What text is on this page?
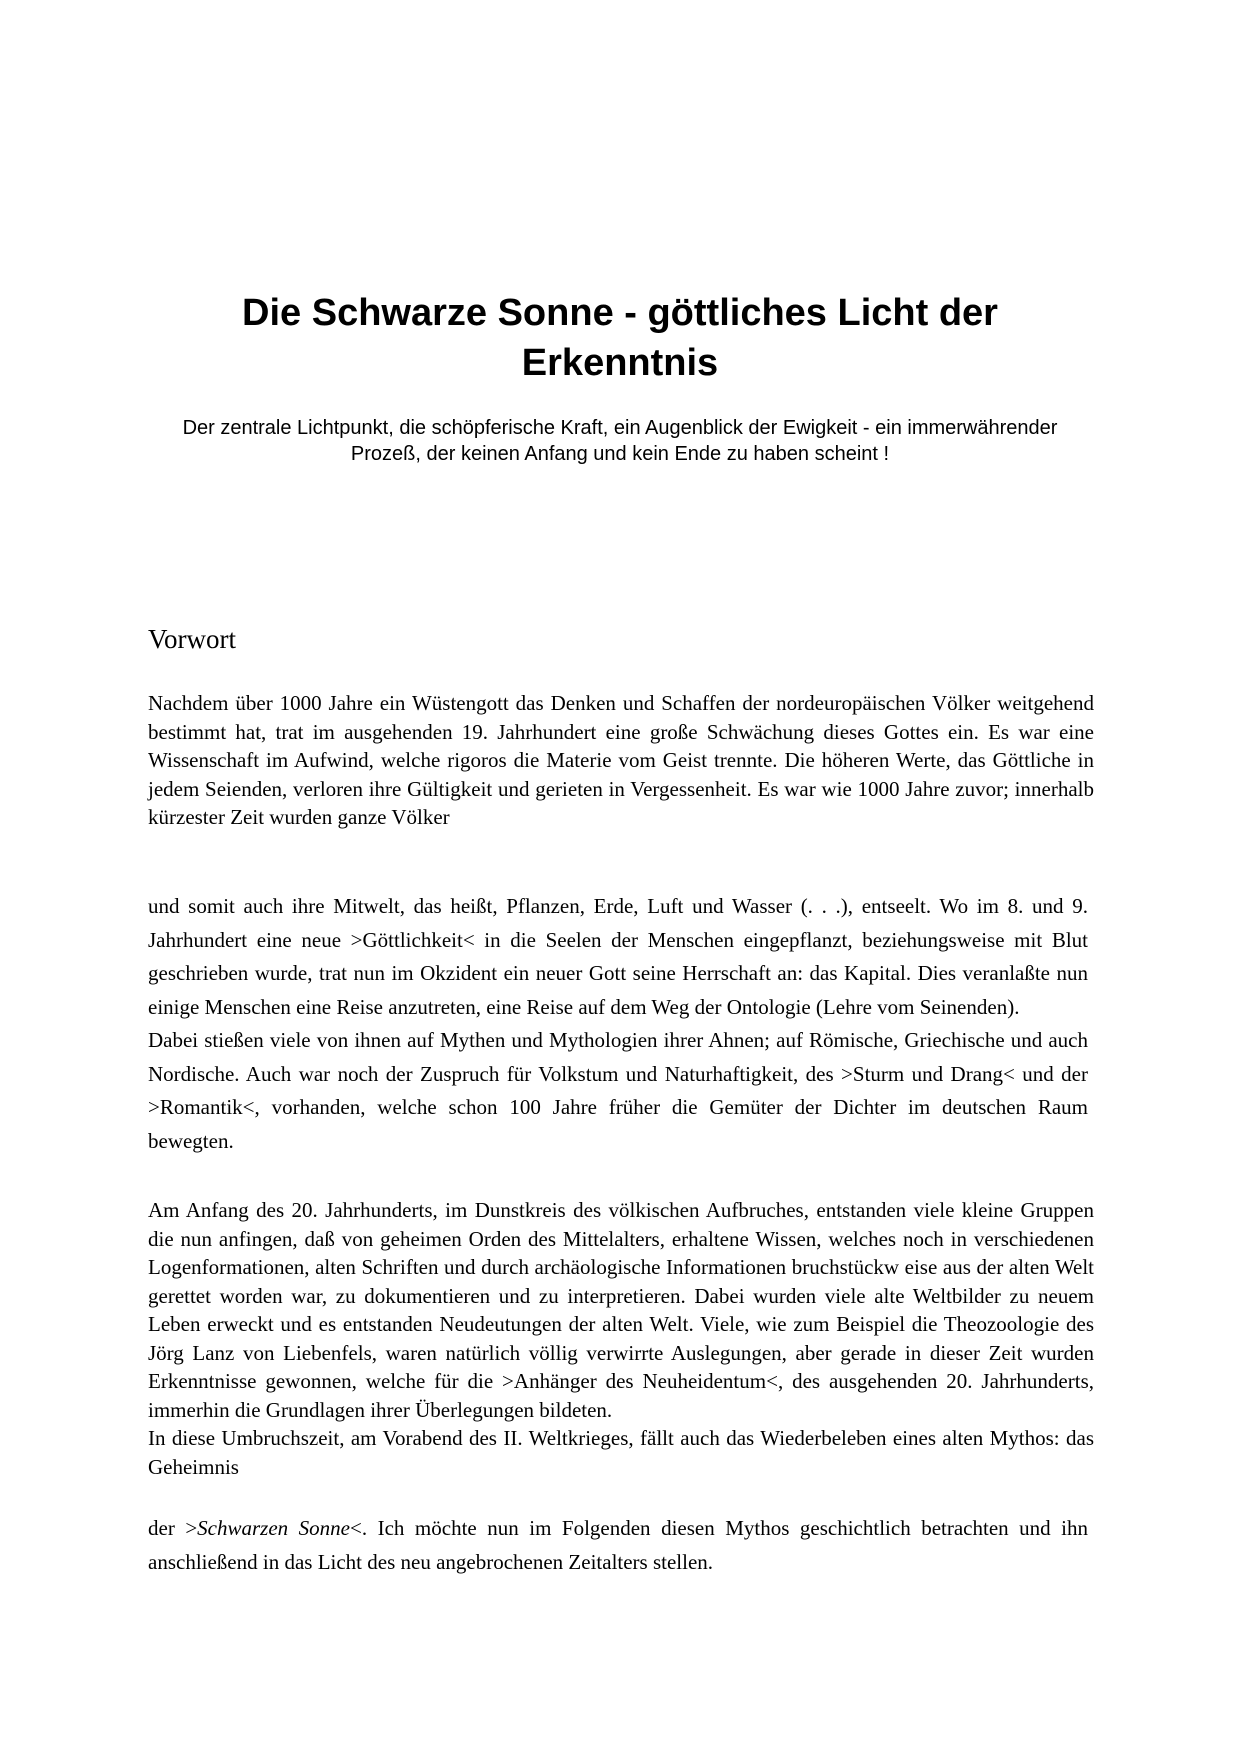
Die Schwarze Sonne - göttliches Licht der Erkenntnis

Der zentrale Lichtpunkt, die schöpferische Kraft, ein Augenblick der Ewigkeit - ein immerwährender Prozeß, der keinen Anfang und kein Ende zu haben scheint !

Vorwort

Nachdem über 1000 Jahre ein Wüstengott das Denken und Schaffen der nordeuropäischen Völker weitgehend bestimmt hat, trat im ausgehenden 19. Jahrhundert eine große Schwächung dieses Gottes ein. Es war eine Wissenschaft im Aufwind, welche rigoros die Materie vom Geist trennte. Die höheren Werte, das Göttliche in jedem Seienden, verloren ihre Gültigkeit und gerieten in Vergessenheit. Es war wie 1000 Jahre zuvor; innerhalb kürzester Zeit wurden ganze Völker

und somit auch ihre Mitwelt, das heißt, Pflanzen, Erde, Luft und Wasser (. . .), entseelt. Wo im 8. und 9. Jahrhundert eine neue >Göttlichkeit< in die Seelen der Menschen eingepflanzt, beziehungsweise mit Blut geschrieben wurde, trat nun im Okzident ein neuer Gott seine Herrschaft an: das Kapital. Dies veranlaßte nun einige Menschen eine Reise anzutreten, eine Reise auf dem Weg der Ontologie (Lehre vom Seinenden).

Dabei stießen viele von ihnen auf Mythen und Mythologien ihrer Ahnen; auf Römische, Griechische und auch Nordische. Auch war noch der Zuspruch für Volkstum und Naturhaftigkeit, des >Sturm und Drang< und der >Romantik<, vorhanden, welche schon 100 Jahre früher die Gemüter der Dichter im deutschen Raum bewegten.

Am Anfang des 20. Jahrhunderts, im Dunstkreis des völkischen Aufbruches, entstanden viele kleine Gruppen die nun anfingen, daß von geheimen Orden des Mittelalters, erhaltene Wissen, welches noch in verschiedenen Logenformationen, alten Schriften und durch archäologische Informationen bruchstückw eise aus der alten Welt gerettet worden war, zu dokumentieren und zu interpretieren. Dabei wurden viele alte Weltbilder zu neuem Leben erweckt und es entstanden Neudeutungen der alten Welt. Viele, wie zum Beispiel die Theozoologie des Jörg Lanz von Liebenfels, waren natürlich völlig verwirrte Auslegungen, aber gerade in dieser Zeit wurden Erkenntnisse gewonnen, welche für die >Anhänger des Neuheidentum<, des ausgehenden 20. Jahrhunderts, immerhin die Grundlagen ihrer Überlegungen bildeten.

In diese Umbruchszeit, am Vorabend des II. Weltkrieges, fällt auch das Wiederbeleben eines alten Mythos: das Geheimnis

der >Schwarzen Sonne<. Ich möchte nun im Folgenden diesen Mythos geschichtlich betrachten und ihn anschließend in das Licht des neu angebrochenen Zeitalters stellen.
